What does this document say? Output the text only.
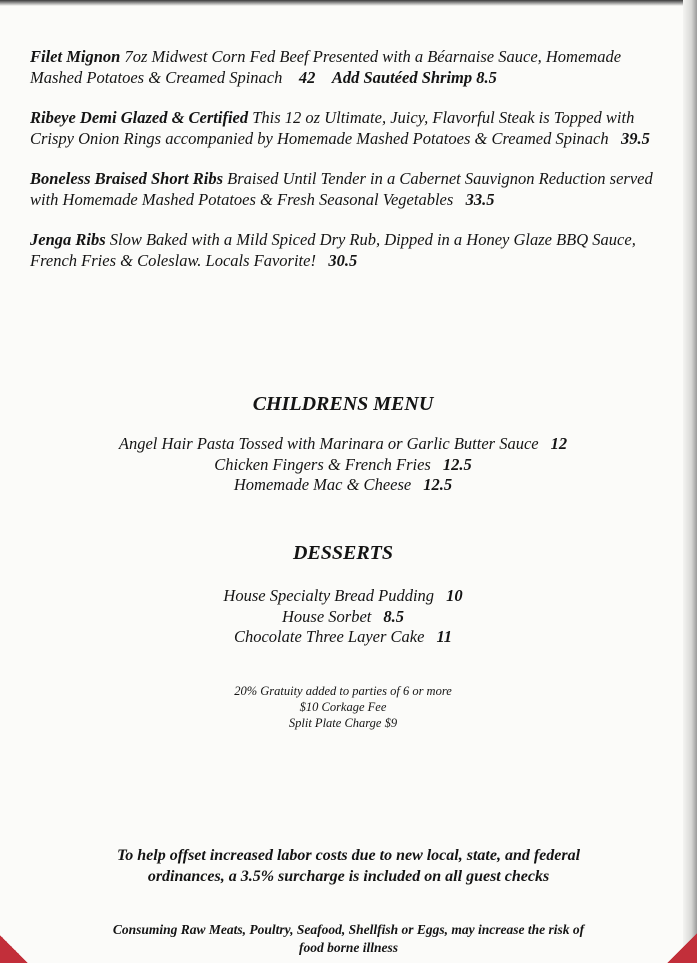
Filet Mignon 7oz Midwest Corn Fed Beef Presented with a Béarnaise Sauce, Homemade Mashed Potatoes & Creamed Spinach 42 Add Sautéed Shrimp 8.5

Ribeye Demi Glazed & Certified This 12 oz Ultimate, Juicy, Flavorful Steak is Topped with Crispy Onion Rings accompanied by Homemade Mashed Potatoes & Creamed Spinach 39.5

Boneless Braised Short Ribs Braised Until Tender in a Cabernet Sauvignon Reduction served with Homemade Mashed Potatoes & Fresh Seasonal Vegetables 33.5

Jenga Ribs Slow Baked with a Mild Spiced Dry Rub, Dipped in a Honey Glaze BBQ Sauce, French Fries & Coleslaw. Locals Favorite! 30.5

CHILDRENS MENU
Angel Hair Pasta Tossed with Marinara or Garlic Butter Sauce 12
Chicken Fingers & French Fries 12.5
Homemade Mac & Cheese 12.5
DESSERTS
House Specialty Bread Pudding 10
House Sorbet 8.5
Chocolate Three Layer Cake 11
20% Gratuity added to parties of 6 or more
$10 Corkage Fee
Split Plate Charge $9
To help offset increased labor costs due to new local, state, and federal
ordinances, a 3.5% surcharge is included on all guest checks
Consuming Raw Meats, Poultry, Seafood, Shellfish or Eggs, may increase the risk of
food borne illness
